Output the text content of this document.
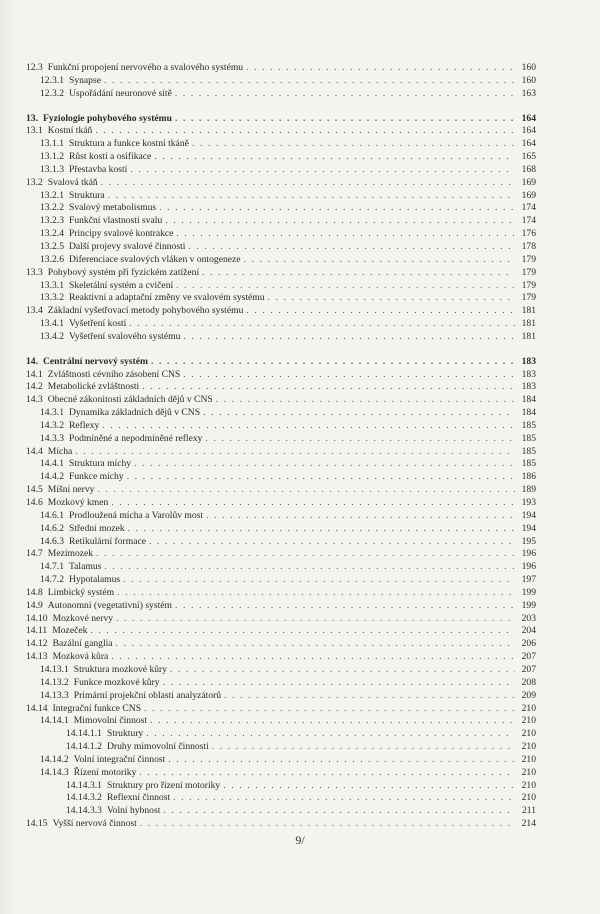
12.3 Funkční propojení nervového a svalového systému . . .	160
12.3.1 Synapse . . .	160
12.3.2 Uspořádání neuronové sítě . . .	163
13. Fyziologie pohybového systému . . .	164
13.1 Kostní tkáň . . .	164
13.1.1 Struktura a funkce kostní tkáně . . .	164
13.1.2 Růst kostí a osifikace . . .	165
13.1.3 Přestavba kostí . . .	168
13.2 Svalová tkáň . . .	169
13.2.1 Struktura . . .	169
13.2.2 Svalový metabolismus . . .	174
13.2.3 Funkční vlastnosti svalu . . .	174
13.2.4 Principy svalové kontrakce . . .	176
13.2.5 Další projevy svalové činnosti . . .	178
13.2.6 Diferenciace svalových vláken v ontogeneze . . .	179
13.3 Pohybový systém při fyzickém zatížení . . .	179
13.3.1 Skeletální systém a cvičení . . .	179
13.3.2 Reaktivní a adaptační změny ve svalovém systému . . .	179
13.4 Základní vyšetřovací metody pohybového systému . . .	181
13.4.1 Vyšetření kostí . . .	181
13.4.2 Vyšetření svalového systému . . .	181
14. Centrální nervový systém . . .	183
14.1 Zvláštnosti cévního zásobení CNS . . .	183
14.2 Metabolické zvláštnosti . . .	183
14.3 Obecné zákonitosti základních dějů v CNS . . .	184
14.3.1 Dynamika základních dějů v CNS . . .	184
14.3.2 Reflexy . . .	185
14.3.3 Podmíněné a nepodmíněné reflexy . . .	185
14.4 Mícha . . .	185
14.4.1 Struktura míchy . . .	185
14.4.2 Funkce míchy . . .	186
14.5 Míšní nervy . . .	189
14.6 Mozkový kmen . . .	193
14.6.1 Prodloužená mícha a Varolův most . . .	194
14.6.2 Střední mozek . . .	194
14.6.3 Retikulární formace . . .	195
14.7 Mezimozek . . .	196
14.7.1 Talamus . . .	196
14.7.2 Hypotalamus . . .	197
14.8 Limbický systém . . .	199
14.9 Autonomní (vegetativní) systém . . .	199
14.10 Mozkové nervy . . .	203
14.11 Mozeček . . .	204
14.12 Bazální ganglia . . .	206
14.13 Mozková kůra . . .	207
14.13.1 Struktura mozkové kůry . . .	207
14.13.2 Funkce mozkové kůry . . .	208
14.13.3 Primární projekční oblasti analyzátorů . . .	209
14.14 Integrační funkce CNS . . .	210
14.14.1 Mimovolní činnost . . .	210
14.14.1.1 Struktury . . .	210
14.14.1.2 Druhy mimovolní činnosti . . .	210
14.14.2 Volní integrační činnost . . .	210
14.14.3 Řízení motoriky . . .	210
14.14.3.1 Struktury pro řízení motoriky . . .	210
14.14.3.2 Reflexní činnost . . .	210
14.14.3.3 Volní hybnost . . .	211
14.15 Vyšší nervová činnost . . .	214
9/
